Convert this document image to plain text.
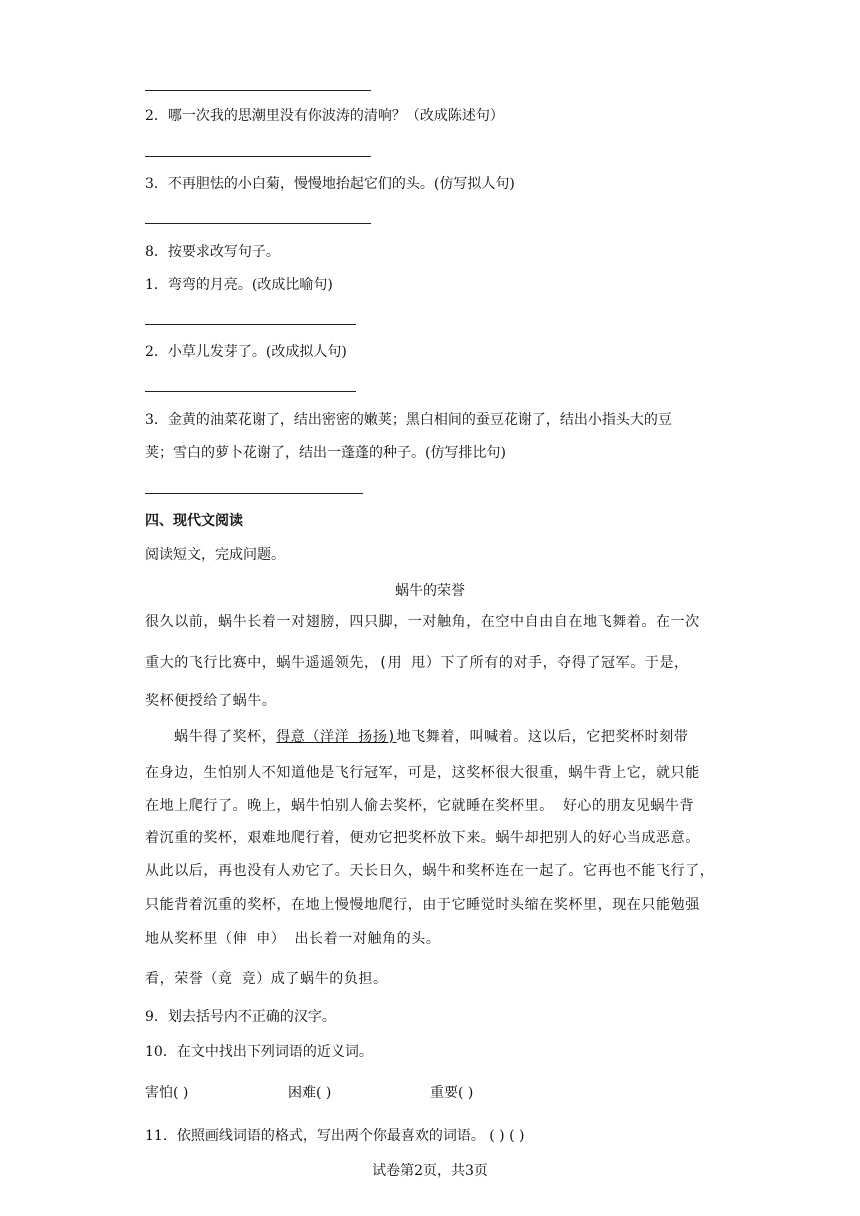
2．哪一次我的思潮里没有你波涛的清响？（改成陈述句）
3．不再胆怯的小白菊，慢慢地抬起它们的头。(仿写拟人句)
8．按要求改写句子。
1．弯弯的月亮。(改成比喻句)
2．小草儿发芽了。(改成拟人句)
3．金黄的油菜花谢了，结出密密的嫩荚；黑白相间的蚕豆花谢了，结出小指头大的豆
荚；雪白的萝卜花谢了，结出一蓬蓬的种子。(仿写排比句)
四、现代文阅读
阅读短文，完成问题。
蜗牛的荣誉
很久以前，蜗牛长着一对翅膀，四只脚，一对触角，在空中自由自在地飞舞着。在一次
重大的飞行比赛中，蜗牛遥遥领先，(用 甩）下了所有的对手，夺得了冠军。于是，
奖杯便授给了蜗牛。
蜗牛得了奖杯，得意（洋洋 扬扬)地飞舞着，叫喊着。这以后，它把奖杯时刻带
在身边，生怕别人不知道他是飞行冠军，可是，这奖杯很大很重，蜗牛背上它，就只能
在地上爬行了。晚上，蜗牛怕别人偷去奖杯，它就睡在奖杯里。 好心的朋友见蜗牛背
着沉重的奖杯，艰难地爬行着，便劝它把奖杯放下来。蜗牛却把别人的好心当成恶意。
从此以后，再也没有人劝它了。天长日久，蜗牛和奖杯连在一起了。它再也不能飞行了，
只能背着沉重的奖杯，在地上慢慢地爬行，由于它睡觉时头缩在奖杯里，现在只能勉强
地从奖杯里（伸 申） 出长着一对触角的头。
看，荣誉（竟 竞）成了蜗牛的负担。
9．划去括号内不正确的汉字。
10．在文中找出下列词语的近义词。
害怕( )	困难( )	重要( )
11．依照画线词语的格式，写出两个你最喜欢的词语。 ( ) ( )
试卷第2页，共3页
